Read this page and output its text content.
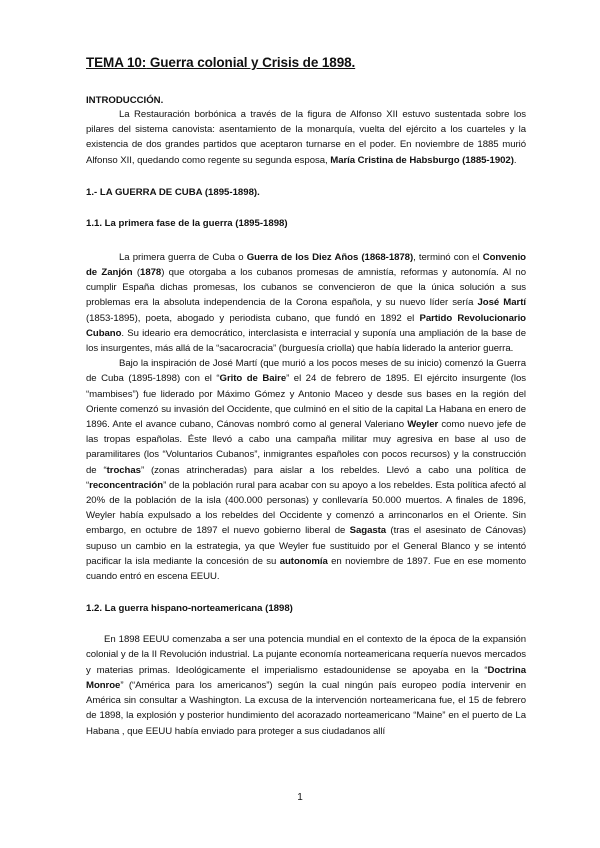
TEMA 10: Guerra colonial y Crisis de 1898.
INTRODUCCIÓN.

La Restauración borbónica a través de la figura de Alfonso XII estuvo sustentada sobre los pilares del sistema canovista: asentamiento de la monarquía, vuelta del ejército a los cuarteles y la existencia de dos grandes partidos que aceptaron turnarse en el poder. En noviembre de 1885 murió Alfonso XII, quedando como regente su segunda esposa, María Cristina de Habsburgo (1885-1902).

1.- LA GUERRA DE CUBA (1895-1898).
1.1. La primera fase de la guerra (1895-1898)

La primera guerra de Cuba o Guerra de los Diez Años (1868-1878), terminó con el Convenio de Zanjón (1878) que otorgaba a los cubanos promesas de amnistía, reformas y autonomía. Al no cumplir España dichas promesas, los cubanos se convencieron de que la única solución a sus problemas era la absoluta independencia de la Corona española, y su nuevo líder sería José Martí (1853-1895), poeta, abogado y periodista cubano, que fundó en 1892 el Partido Revolucionario Cubano. Su ideario era democrático, interclasista e interracial y suponía una ampliación de la base de los insurgentes, más allá de la “sacarocracia” (burguesía criolla) que había liderado la anterior guerra.

Bajo la inspiración de José Martí (que murió a los pocos meses de su inicio) comenzó la Guerra de Cuba (1895-1898) con el “Grito de Baire” el 24 de febrero de 1895. El ejército insurgente (los “mambises”) fue liderado por Máximo Gómez y Antonio Maceo y desde sus bases en la región del Oriente comenzó su invasión del Occidente, que culminó en el sitio de la capital La Habana en enero de 1896. Ante el avance cubano, Cánovas nombró como al general Valeriano Weyler como nuevo jefe de las tropas españolas. Éste llevó a cabo una campaña militar muy agresiva en base al uso de paramilitares (los “Voluntarios Cubanos”, inmigrantes españoles con pocos recursos) y la construcción de “trochas” (zonas atrincheradas) para aislar a los rebeldes. Llevó a cabo una política de “reconcentración” de la población rural para acabar con su apoyo a los rebeldes. Esta política afectó al 20% de la población de la isla (400.000 personas) y conllevaría 50.000 muertos. A finales de 1896, Weyler había expulsado a los rebeldes del Occidente y comenzó a arrinconarlos en el Oriente. Sin embargo, en octubre de 1897 el nuevo gobierno liberal de Sagasta (tras el asesinato de Cánovas) supuso un cambio en la estrategia, ya que Weyler fue sustituido por el General Blanco y se intentó pacificar la isla mediante la concesión de su autonomía en noviembre de 1897. Fue en ese momento cuando entró en escena EEUU.

1.2. La guerra hispano-norteamericana (1898)

En 1898 EEUU comenzaba a ser una potencia mundial en el contexto de la época de la expansión colonial y de la II Revolución industrial. La pujante economía norteamericana requería nuevos mercados y materias primas. Ideológicamente el imperialismo estadounidense se apoyaba en la “Doctrina Monroe” (“América para los americanos”) según la cual ningún país europeo podía intervenir en América sin consultar a Washington. La excusa de la intervención norteamericana fue, el 15 de febrero de 1898, la explosión y posterior hundimiento del acorazado norteamericano “Maine” en el puerto de La Habana , que EEUU había enviado para proteger a sus ciudadanos allí

1
